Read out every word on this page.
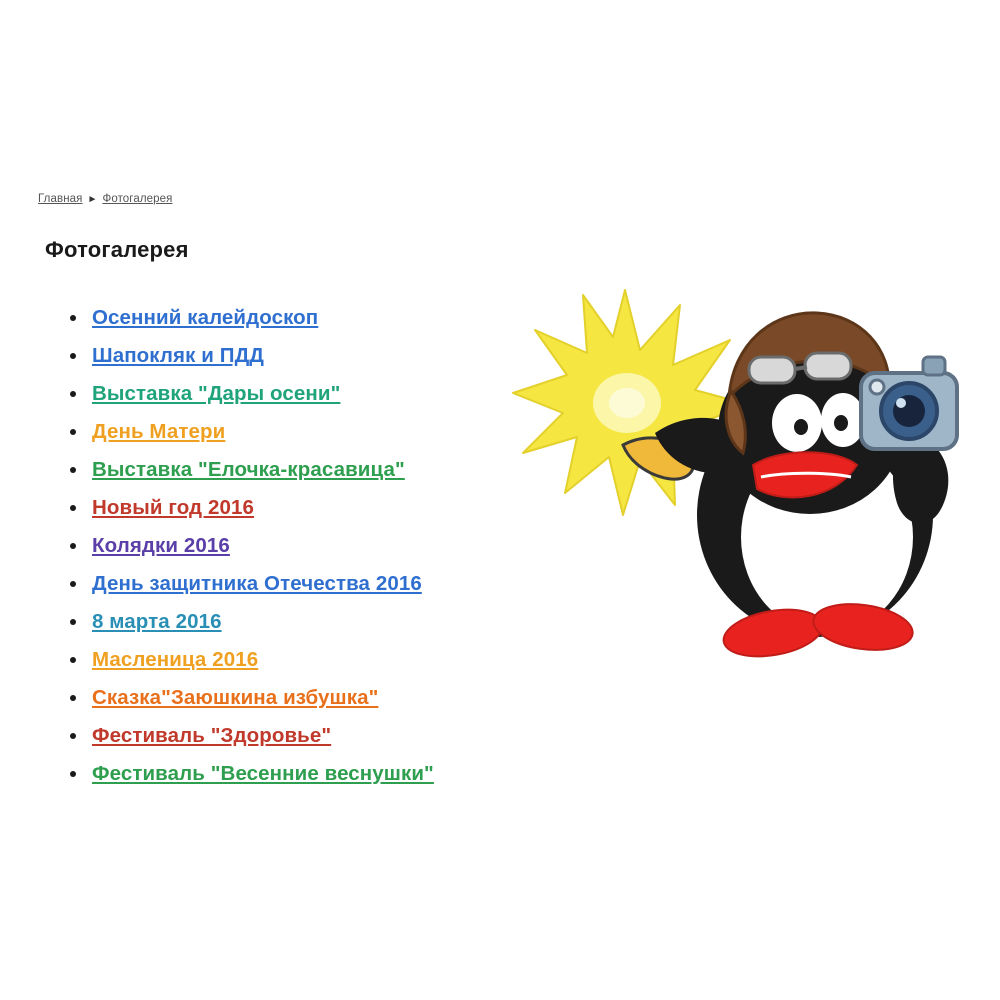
Главная ► Фотогалерея
Фотогалерея
Осенний калейдоскоп
Шапокляк и ПДД
Выставка "Дары осени"
День Матери
Выставка "Елочка-красавица"
Новый год 2016
Колядки 2016
День защитника Отечества 2016
8 марта 2016
Масленица 2016
Сказка"Заюшкина избушка"
Фестиваль "Здоровье"
Фестиваль "Весенние веснушки"
